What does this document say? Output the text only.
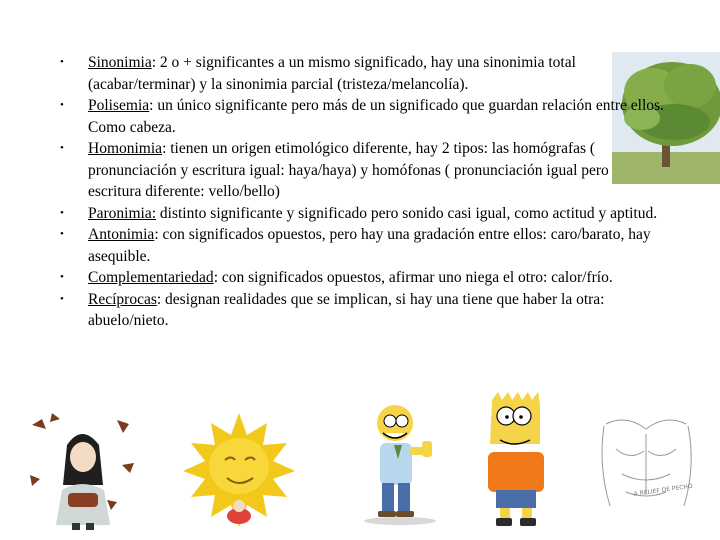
• Sinonimia: 2 o + significantes a un mismo significado, hay una sinonimia total (acabar/terminar) y la sinonimia parcial (tristeza/melancolía).
• Polisemia: un único significante pero más de un significado que guardan relación entre ellos. Como cabeza.
• Homonimia: tienen un origen etimológico diferente, hay 2 tipos: las homógrafas ( pronunciación y escritura igual: haya/haya) y homófonas ( pronunciación igual pero escritura diferente: vello/bello)
• Paronimia: distinto significante y significado pero sonido casi igual, como actitud y aptitud.
• Antonimia: con significados opuestos, pero hay una gradación entre ellos: caro/barato, hay asequible.
• Complementariedad: con significados opuestos, afirmar uno niega el otro: calor/frío.
• Recíprocas: designan realidades que se implican, si hay una tiene que haber la otra: abuelo/nieto.
A RELIEF DE PECHO
